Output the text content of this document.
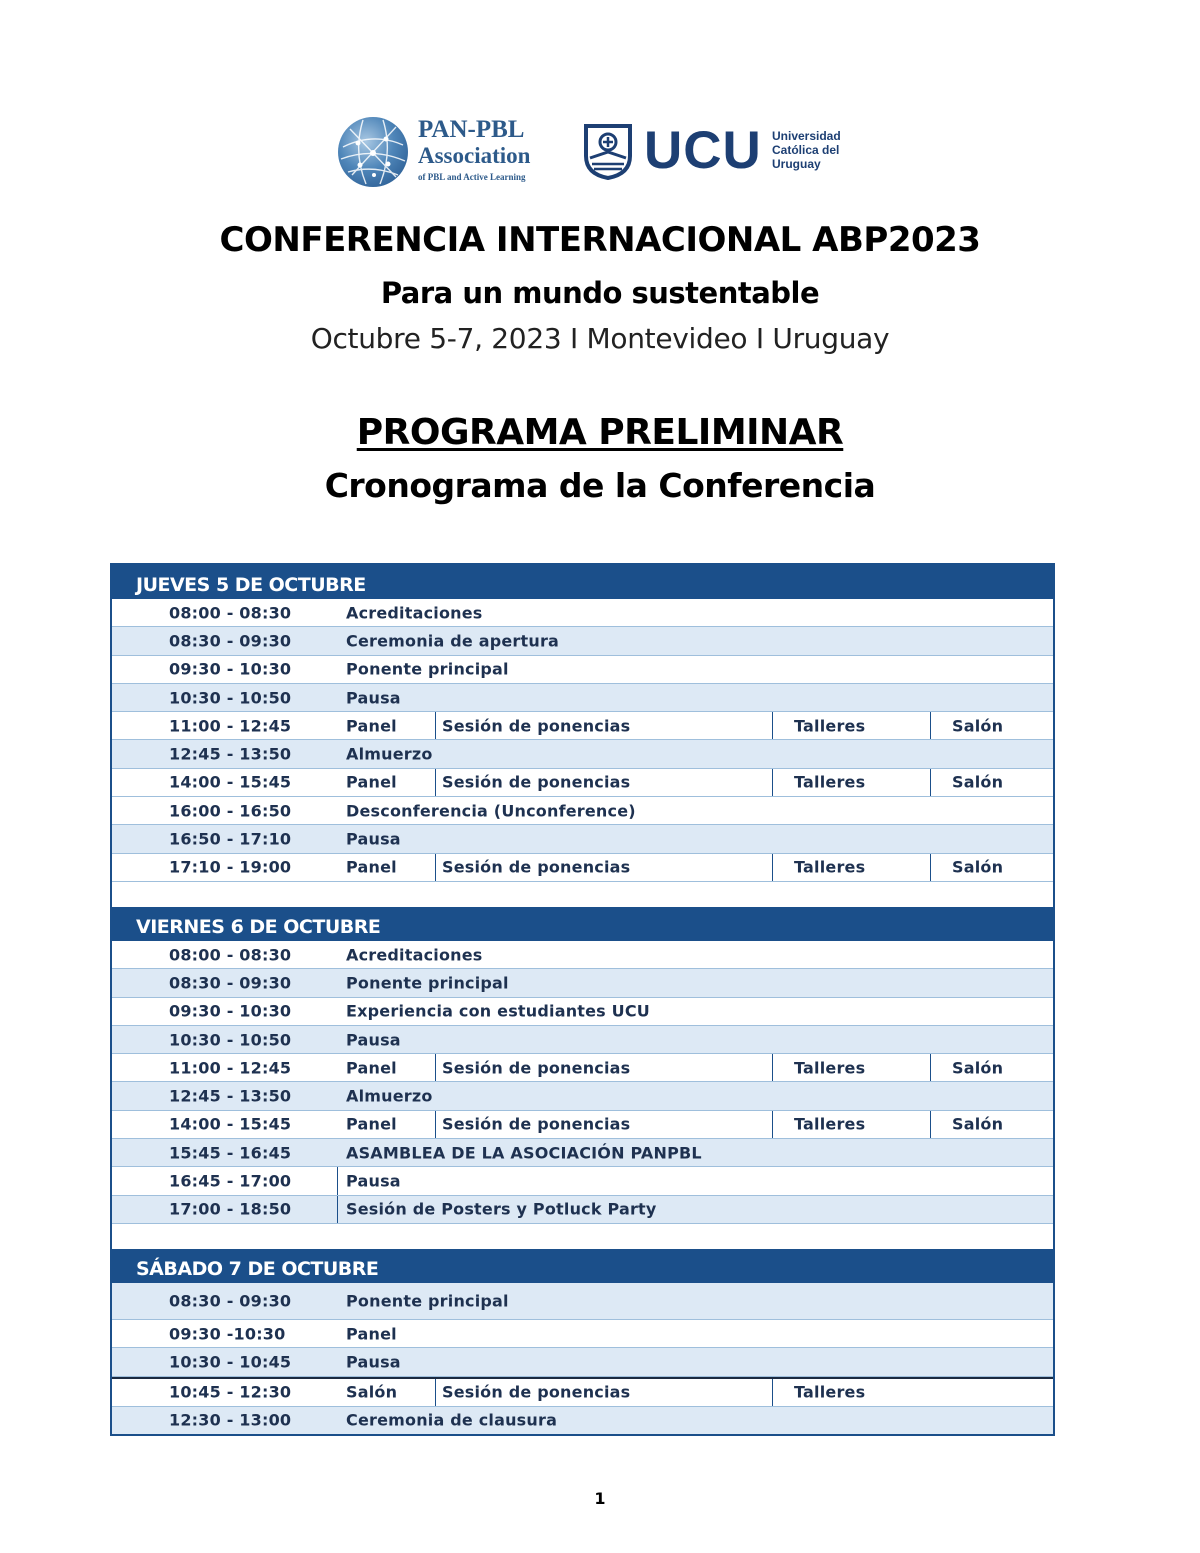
PAN-PBL
Association
of PBL and Active Learning UCU Universidad
Católica del
Uruguay
CONFERENCIA INTERNACIONAL ABP2023
Para un mundo sustentable
Octubre 5-7, 2023 I Montevideo I Uruguay
PROGRAMA PRELIMINAR
Cronograma de la Conferencia
JUEVES 5 DE OCTUBRE
08:00 - 08:30	Acreditaciones
08:30 - 09:30	Ceremonia de apertura
09:30 - 10:30	Ponente principal
10:30 - 10:50	Pausa
11:00 - 12:45	Panel	Sesión de ponencias	Talleres	Salón
12:45 - 13:50	Almuerzo
14:00 - 15:45	Panel	Sesión de ponencias	Talleres	Salón
16:00 - 16:50	Desconferencia (Unconference)
16:50 - 17:10	Pausa
17:10 - 19:00	Panel	Sesión de ponencias	Talleres	Salón
VIERNES 6 DE OCTUBRE
08:00 - 08:30	Acreditaciones
08:30 - 09:30	Ponente principal
09:30 - 10:30	Experiencia con estudiantes UCU
10:30 - 10:50	Pausa
11:00 - 12:45	Panel	Sesión de ponencias	Talleres	Salón
12:45 - 13:50	Almuerzo
14:00 - 15:45	Panel	Sesión de ponencias	Talleres	Salón
15:45 - 16:45	ASAMBLEA DE LA ASOCIACIÓN PANPBL
16:45 - 17:00	Pausa
17:00 - 18:50	Sesión de Posters y Potluck Party
SÁBADO 7 DE OCTUBRE
08:30 - 09:30	Ponente principal
09:30 -10:30	Panel
10:30 - 10:45	Pausa
10:45 - 12:30	Salón	Sesión de ponencias	Talleres
12:30 - 13:00	Ceremonia de clausura
1
